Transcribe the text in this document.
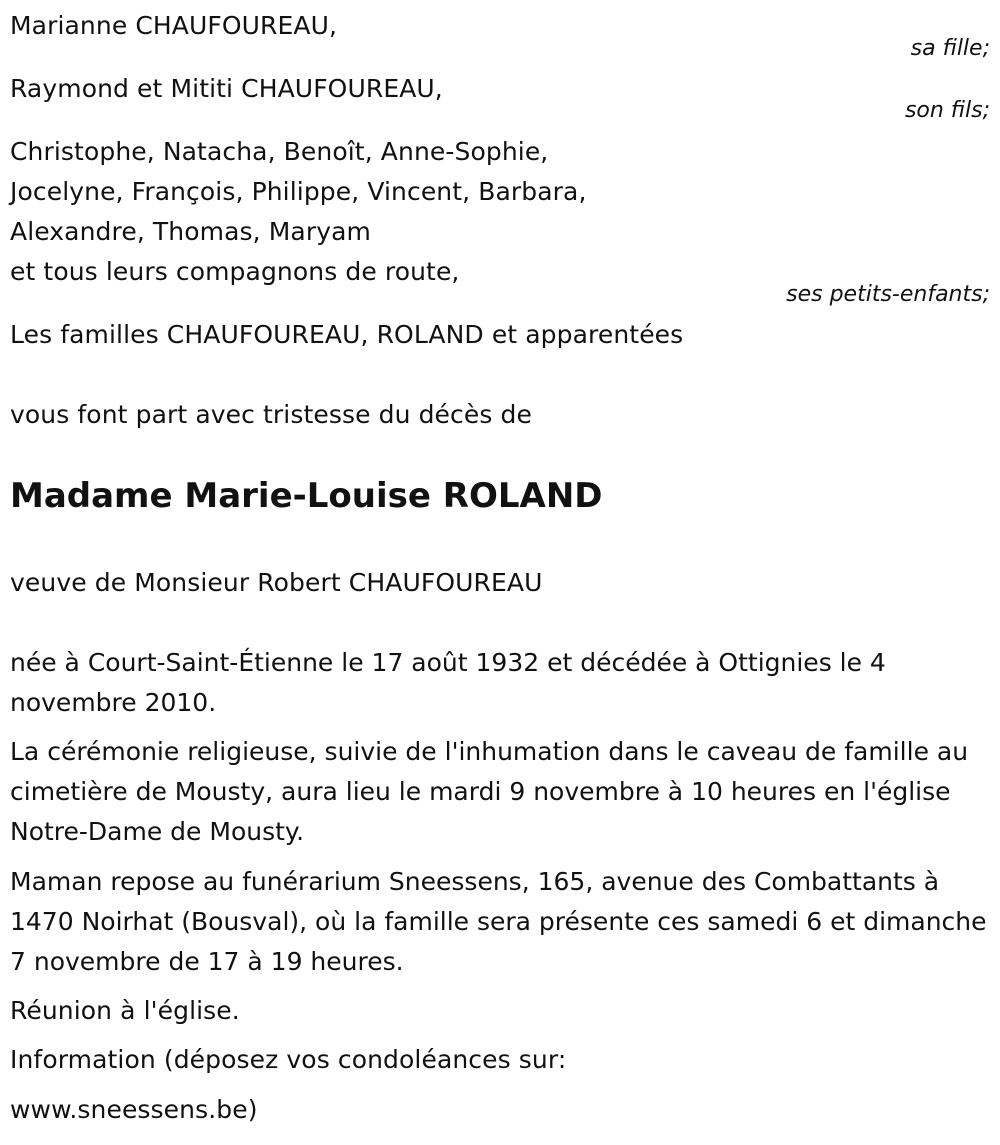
Marianne CHAUFOUREAU,
sa fille;
Raymond et Mititi CHAUFOUREAU,
son fils;
Christophe, Natacha, Benoît, Anne-Sophie,
Jocelyne, François, Philippe, Vincent, Barbara,
Alexandre, Thomas, Maryam
et tous leurs compagnons de route,
ses petits-enfants;
Les familles CHAUFOUREAU, ROLAND et apparentées
vous font part avec tristesse du décès de
Madame Marie-Louise ROLAND
veuve de Monsieur Robert CHAUFOUREAU
née à Court-Saint-Étienne le 17 août 1932 et décédée à Ottignies le 4 novembre 2010.
La cérémonie religieuse, suivie de l'inhumation dans le caveau de famille au cimetière de Mousty, aura lieu le mardi 9 novembre à 10 heures en l'église Notre-Dame de Mousty.
Maman repose au funérarium Sneessens, 165, avenue des Combattants à 1470 Noirhat (Bousval), où la famille sera présente ces samedi 6 et dimanche 7 novembre de 17 à 19 heures.
Réunion à l'église.
Information (déposez vos condoléances sur:
www.sneessens.be)
